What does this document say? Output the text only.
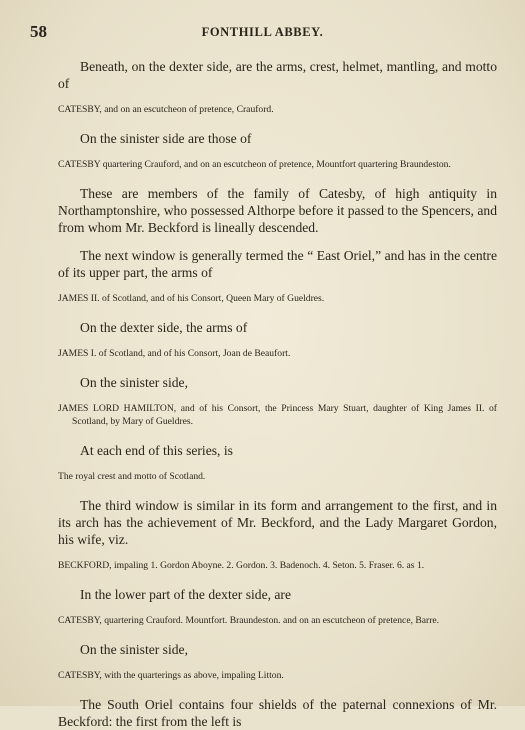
58	FONTHILL ABBEY.

Beneath, on the dexter side, are the arms, crest, helmet, mantling, and motto of

CATESBY, and on an escutcheon of pretence, Crauford.

On the sinister side are those of

CATESBY quartering Crauford, and on an escutcheon of pretence, Mountfort quartering Braundeston.

These are members of the family of Catesby, of high antiquity in Northamptonshire, who possessed Althorpe before it passed to the Spencers, and from whom Mr. Beckford is lineally descended.

The next window is generally termed the “ East Oriel,” and has in the centre of its upper part, the arms of

JAMES II. of Scotland, and of his Consort, Queen Mary of Gueldres.

On the dexter side, the arms of

JAMES I. of Scotland, and of his Consort, Joan de Beaufort.

On the sinister side,

JAMES LORD HAMILTON, and of his Consort, the Princess Mary Stuart, daughter of King James II. of Scotland, by Mary of Gueldres.

At each end of this series, is

The royal crest and motto of Scotland.

The third window is similar in its form and arrangement to the first, and in its arch has the achievement of Mr. Beckford, and the Lady Margaret Gordon, his wife, viz.

BECKFORD, impaling 1. Gordon Aboyne. 2. Gordon. 3. Badenoch. 4. Seton. 5. Fraser. 6. as 1.

In the lower part of the dexter side, are

CATESBY, quartering Crauford. Mountfort. Braundeston. and on an escutcheon of pretence, Barre.

On the sinister side,

CATESBY, with the quarterings as above, impaling Litton.

The South Oriel contains four shields of the paternal connexions of Mr. Beckford: the first from the left is
